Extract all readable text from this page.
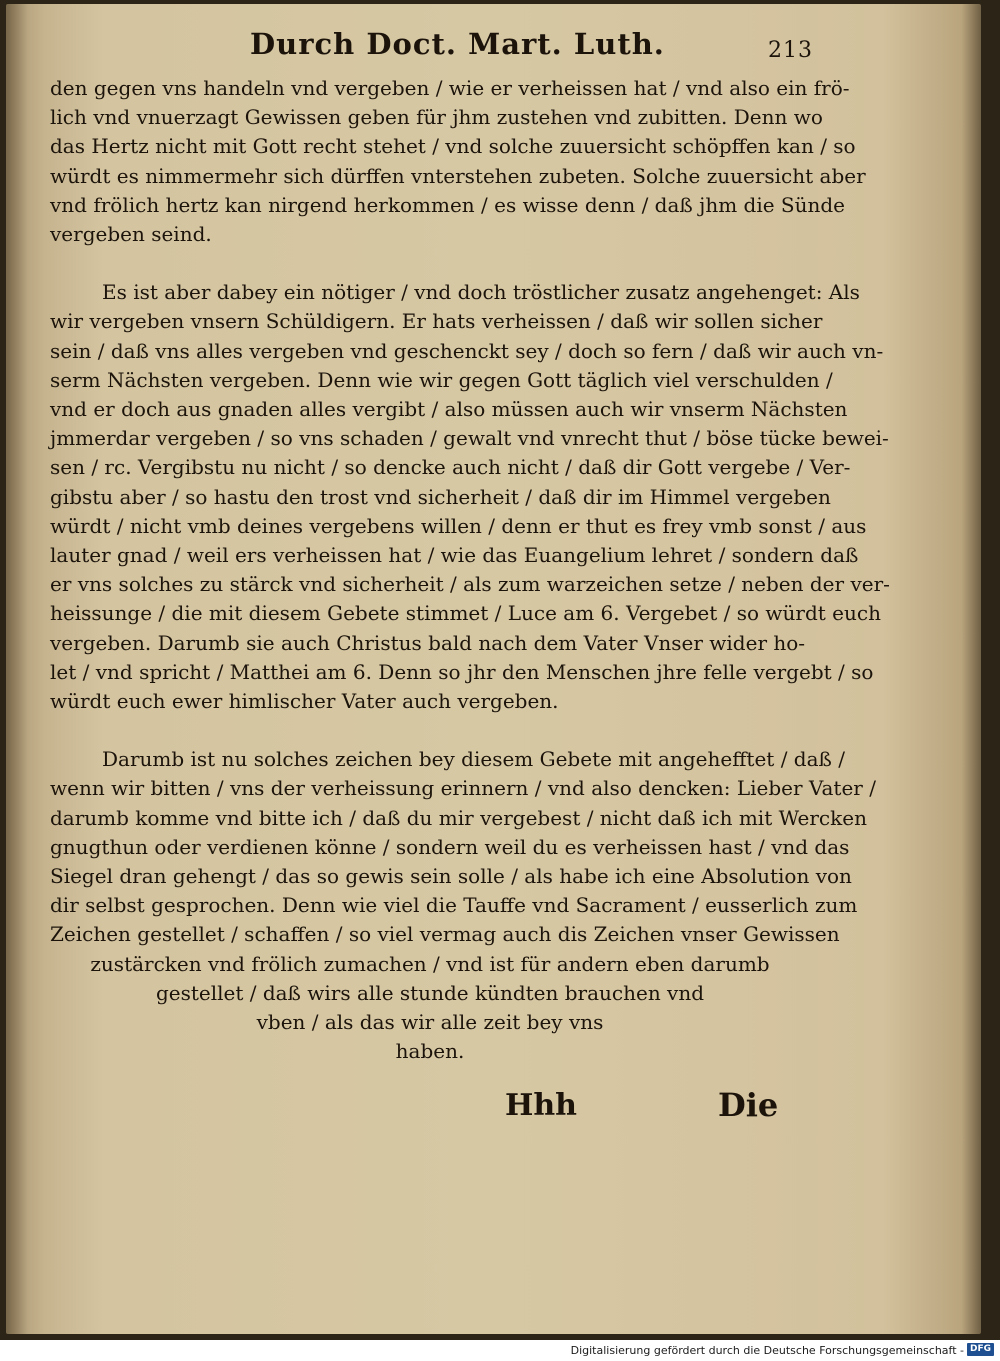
Durch Doct. Mart. Luth.	213
den gegen vns handeln vnd vergeben / wie er verheissen hat / vnd also ein frö-
lich vnd vnuerzagt Gewissen geben für jhm zustehen vnd zubitten. Denn wo
das Hertz nicht mit Gott recht stehet / vnd solche zuuersicht schöpffen kan / so
würdt es nimmermehr sich dürffen vnterstehen zubeten. Solche zuuersicht aber
vnd frölich hertz kan nirgend herkommen / es wisse denn / daß jhm die Sünde
vergeben seind.
Es ist aber dabey ein nötiger / vnd doch tröstlicher zusatz angehenget: Als
wir vergeben vnsern Schüldigern. Er hats verheissen / daß wir sollen sicher
sein / daß vns alles vergeben vnd geschenckt sey / doch so fern / daß wir auch vn-
serm Nächsten vergeben. Denn wie wir gegen Gott täglich viel verschulden /
vnd er doch aus gnaden alles vergibt / also müssen auch wir vnserm Nächsten
jmmerdar vergeben / so vns schaden / gewalt vnd vnrecht thut / böse tücke bewei-
sen / rc. Vergibstu nu nicht / so dencke auch nicht / daß dir Gott vergebe / Ver-
gibstu aber / so hastu den trost vnd sicherheit / daß dir im Himmel vergeben
würdt / nicht vmb deines vergebens willen / denn er thut es frey vmb sonst / aus
lauter gnad / weil ers verheissen hat / wie das Euangelium lehret / sondern daß
er vns solches zu stärck vnd sicherheit / als zum warzeichen setze / neben der ver-
heissunge / die mit diesem Gebete stimmet / Luce am 6. Vergebet / so würdt euch
vergeben. Darumb sie auch Christus bald nach dem Vater Vnser wider ho-
let / vnd spricht / Matthei am 6. Denn so jhr den Menschen jhre felle vergebt / so
würdt euch ewer himlischer Vater auch vergeben.
Darumb ist nu solches zeichen bey diesem Gebete mit angehefftet / daß /
wenn wir bitten / vns der verheissung erinnern / vnd also dencken: Lieber Vater /
darumb komme vnd bitte ich / daß du mir vergebest / nicht daß ich mit Wercken
gnugthun oder verdienen könne / sondern weil du es verheissen hast / vnd das
Siegel dran gehengt / das so gewis sein solle / als habe ich eine Absolution von
dir selbst gesprochen. Denn wie viel die Tauffe vnd Sacrament / eusserlich zum
Zeichen gestellet / schaffen / so viel vermag auch dis Zeichen vnser Gewissen
zustärcken vnd frölich zumachen / vnd ist für andern eben darumb
gestellet / daß wirs alle stunde kündten brauchen vnd
vben / als das wir alle zeit bey vns
haben.
Hhh	Die
Digitalisierung gefördert durch die Deutsche Forschungsgemeinschaft - DFG
